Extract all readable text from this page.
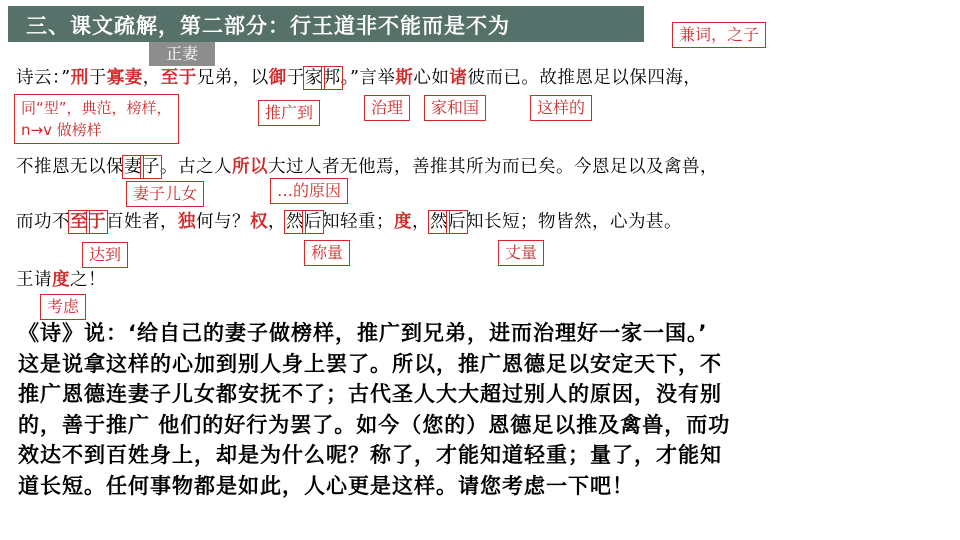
三、课文疏解，第二部分：行王道非不能而是不为	兼词，之子
正妻
诗云：”刑于寡妻，至于兄弟，以御于家邦。”言举斯心如诸彼而已。故推恩足以保四海，
同“型”，典范，榜样，
n→v 做榜样
推广到	治理	家和国	这样的
不推恩无以保妻子。古之人所以大过人者无他焉，善推其所为而已矣。今恩足以及禽兽，
妻子儿女	…的原因
而功不至于百姓者，独何与？权，然后知轻重；度，然后知长短；物皆然，心为甚。
达到	称量	丈量
王请度之！
考虑
《诗》说：‘给自己的妻子做榜样，推广到兄弟，进而治理好一家一国。’
这是说拿这样的心加到别人身上罢了。所以，推广恩德足以安定天下，不
推广恩德连妻子儿女都安抚不了；古代圣人大大超过别人的原因，没有别
的，善于推广 他们的好行为罢了。如今（您的）恩德足以推及禽兽，而功
效达不到百姓身上，却是为什么呢？称了，才能知道轻重；量了，才能知
道长短。任何事物都是如此，人心更是这样。请您考虑一下吧！
